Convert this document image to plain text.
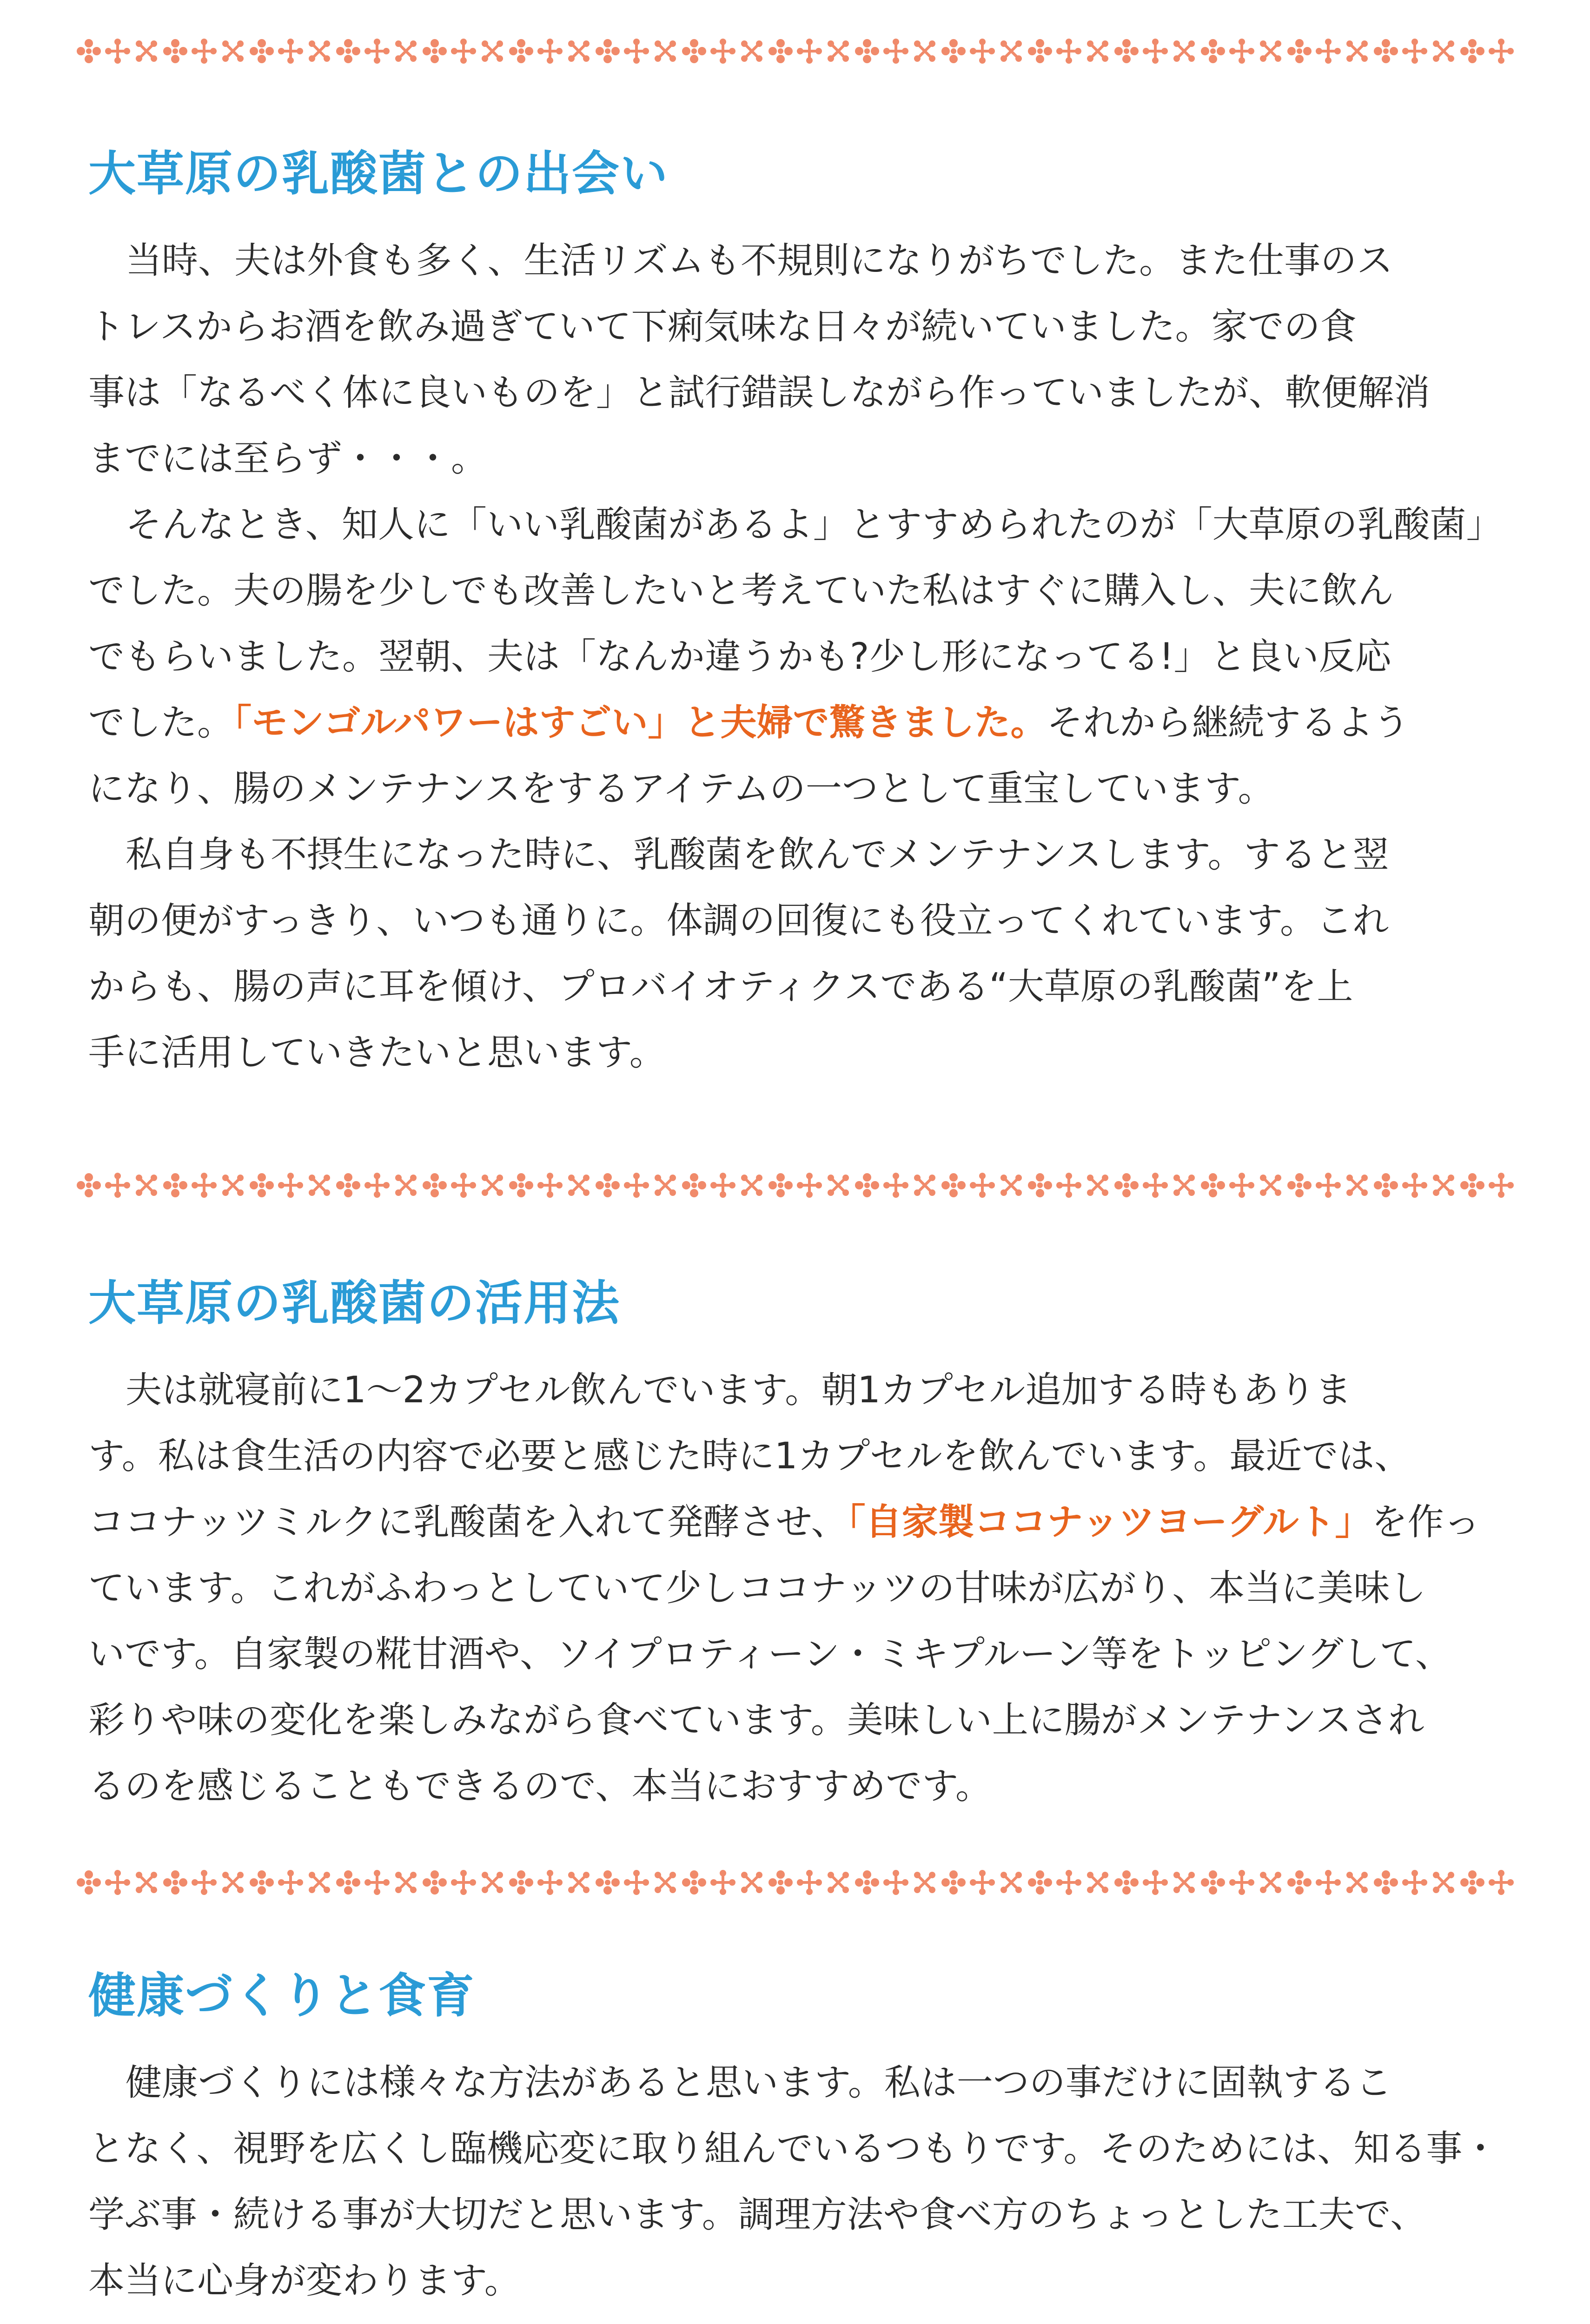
大草原の乳酸菌との出会い
当時、夫は外食も多く、生活リズムも不規則になりがちでした。また仕事のス
トレスからお酒を飲み過ぎていて下痢気味な日々が続いていました。家での食
事は「なるべく体に良いものを」と試行錯誤しながら作っていましたが、軟便解消
までには至らず・・・。
そんなとき、知人に「いい乳酸菌があるよ」とすすめられたのが「大草原の乳酸菌」
でした。夫の腸を少しでも改善したいと考えていた私はすぐに購入し、夫に飲ん
でもらいました。翌朝、夫は「なんか違うかも?少し形になってる!」と良い反応
でした。「モンゴルパワーはすごい」と夫婦で驚きました。それから継続するよう
になり、腸のメンテナンスをするアイテムの一つとして重宝しています。
私自身も不摂生になった時に、乳酸菌を飲んでメンテナンスします。すると翌
朝の便がすっきり、いつも通りに。体調の回復にも役立ってくれています。これ
からも、腸の声に耳を傾け、プロバイオティクスである“大草原の乳酸菌”を上
手に活用していきたいと思います。
大草原の乳酸菌の活用法
夫は就寝前に1〜2カプセル飲んでいます。朝1カプセル追加する時もありま
す。私は食生活の内容で必要と感じた時に1カプセルを飲んでいます。最近では、
ココナッツミルクに乳酸菌を入れて発酵させ、「自家製ココナッツヨーグルト」を作っ
ています。これがふわっとしていて少しココナッツの甘味が広がり、本当に美味し
いです。自家製の糀甘酒や、ソイプロティーン・ミキプルーン等をトッピングして、
彩りや味の変化を楽しみながら食べています。美味しい上に腸がメンテナンスされ
るのを感じることもできるので、本当におすすめです。
健康づくりと食育
健康づくりには様々な方法があると思います。私は一つの事だけに固執するこ
となく、視野を広くし臨機応変に取り組んでいるつもりです。そのためには、知る事・
学ぶ事・続ける事が大切だと思います。調理方法や食べ方のちょっとした工夫で、
本当に心身が変わります。
